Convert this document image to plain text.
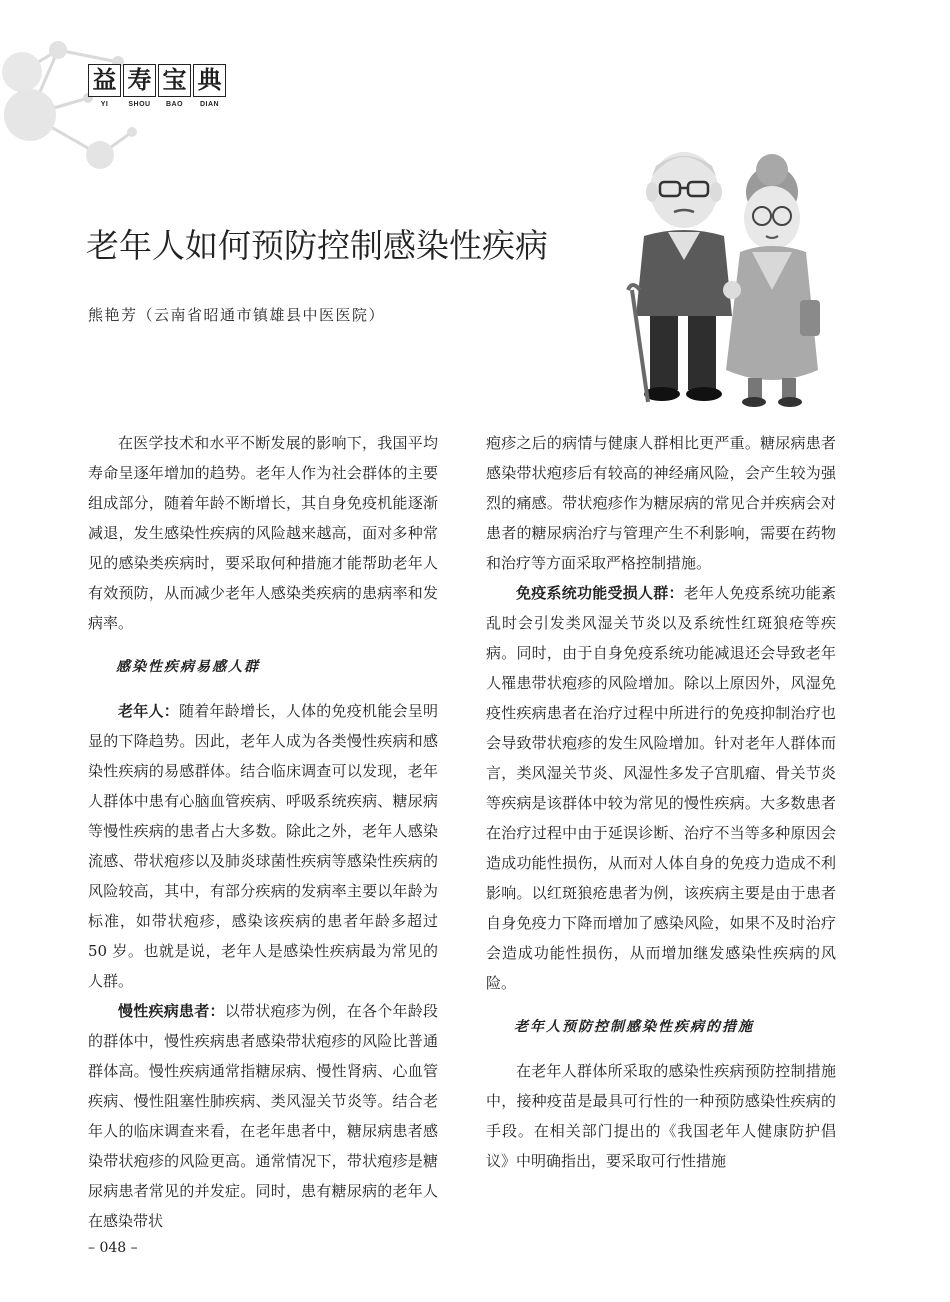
益 寿 宝 典
YI	SHOU	BAO	DIAN
老年人如何预防控制感染性疾病
熊艳芳（云南省昭通市镇雄县中医医院）

在医学技术和水平不断发展的影响下，我国平均寿命呈逐年增加的趋势。老年人作为社会群体的主要组成部分，随着年龄不断增长，其自身免疫机能逐渐减退，发生感染性疾病的风险越来越高，面对多种常见的感染类疾病时，要采取何种措施才能帮助老年人有效预防，从而减少老年人感染类疾病的患病率和发病率。

感染性疾病易感人群

老年人：随着年龄增长，人体的免疫机能会呈明显的下降趋势。因此，老年人成为各类慢性疾病和感染性疾病的易感群体。结合临床调查可以发现，老年人群体中患有心脑血管疾病、呼吸系统疾病、糖尿病等慢性疾病的患者占大多数。除此之外，老年人感染流感、带状疱疹以及肺炎球菌性疾病等感染性疾病的风险较高，其中，有部分疾病的发病率主要以年龄为标准，如带状疱疹，感染该疾病的患者年龄多超过 50 岁。也就是说，老年人是感染性疾病最为常见的人群。

慢性疾病患者：以带状疱疹为例，在各个年龄段的群体中，慢性疾病患者感染带状疱疹的风险比普通群体高。慢性疾病通常指糖尿病、慢性肾病、心血管疾病、慢性阻塞性肺疾病、类风湿关节炎等。结合老年人的临床调查来看，在老年患者中，糖尿病患者感染带状疱疹的风险更高。通常情况下，带状疱疹是糖尿病患者常见的并发症。同时，患有糖尿病的老年人在感染带状

疱疹之后的病情与健康人群相比更严重。糖尿病患者感染带状疱疹后有较高的神经痛风险，会产生较为强烈的痛感。带状疱疹作为糖尿病的常见合并疾病会对患者的糖尿病治疗与管理产生不利影响，需要在药物和治疗等方面采取严格控制措施。

免疫系统功能受损人群：老年人免疫系统功能紊乱时会引发类风湿关节炎以及系统性红斑狼疮等疾病。同时，由于自身免疫系统功能减退还会导致老年人罹患带状疱疹的风险增加。除以上原因外，风湿免疫性疾病患者在治疗过程中所进行的免疫抑制治疗也会导致带状疱疹的发生风险增加。针对老年人群体而言，类风湿关节炎、风湿性多发子宫肌瘤、骨关节炎等疾病是该群体中较为常见的慢性疾病。大多数患者在治疗过程中由于延误诊断、治疗不当等多种原因会造成功能性损伤，从而对人体自身的免疫力造成不利影响。以红斑狼疮患者为例，该疾病主要是由于患者自身免疫力下降而增加了感染风险，如果不及时治疗会造成功能性损伤，从而增加继发感染性疾病的风险。

老年人预防控制感染性疾病的措施

在老年人群体所采取的感染性疾病预防控制措施中，接种疫苗是最具可行性的一种预防感染性疾病的手段。在相关部门提出的《我国老年人健康防护倡议》中明确指出，要采取可行性措施

– 048 –
